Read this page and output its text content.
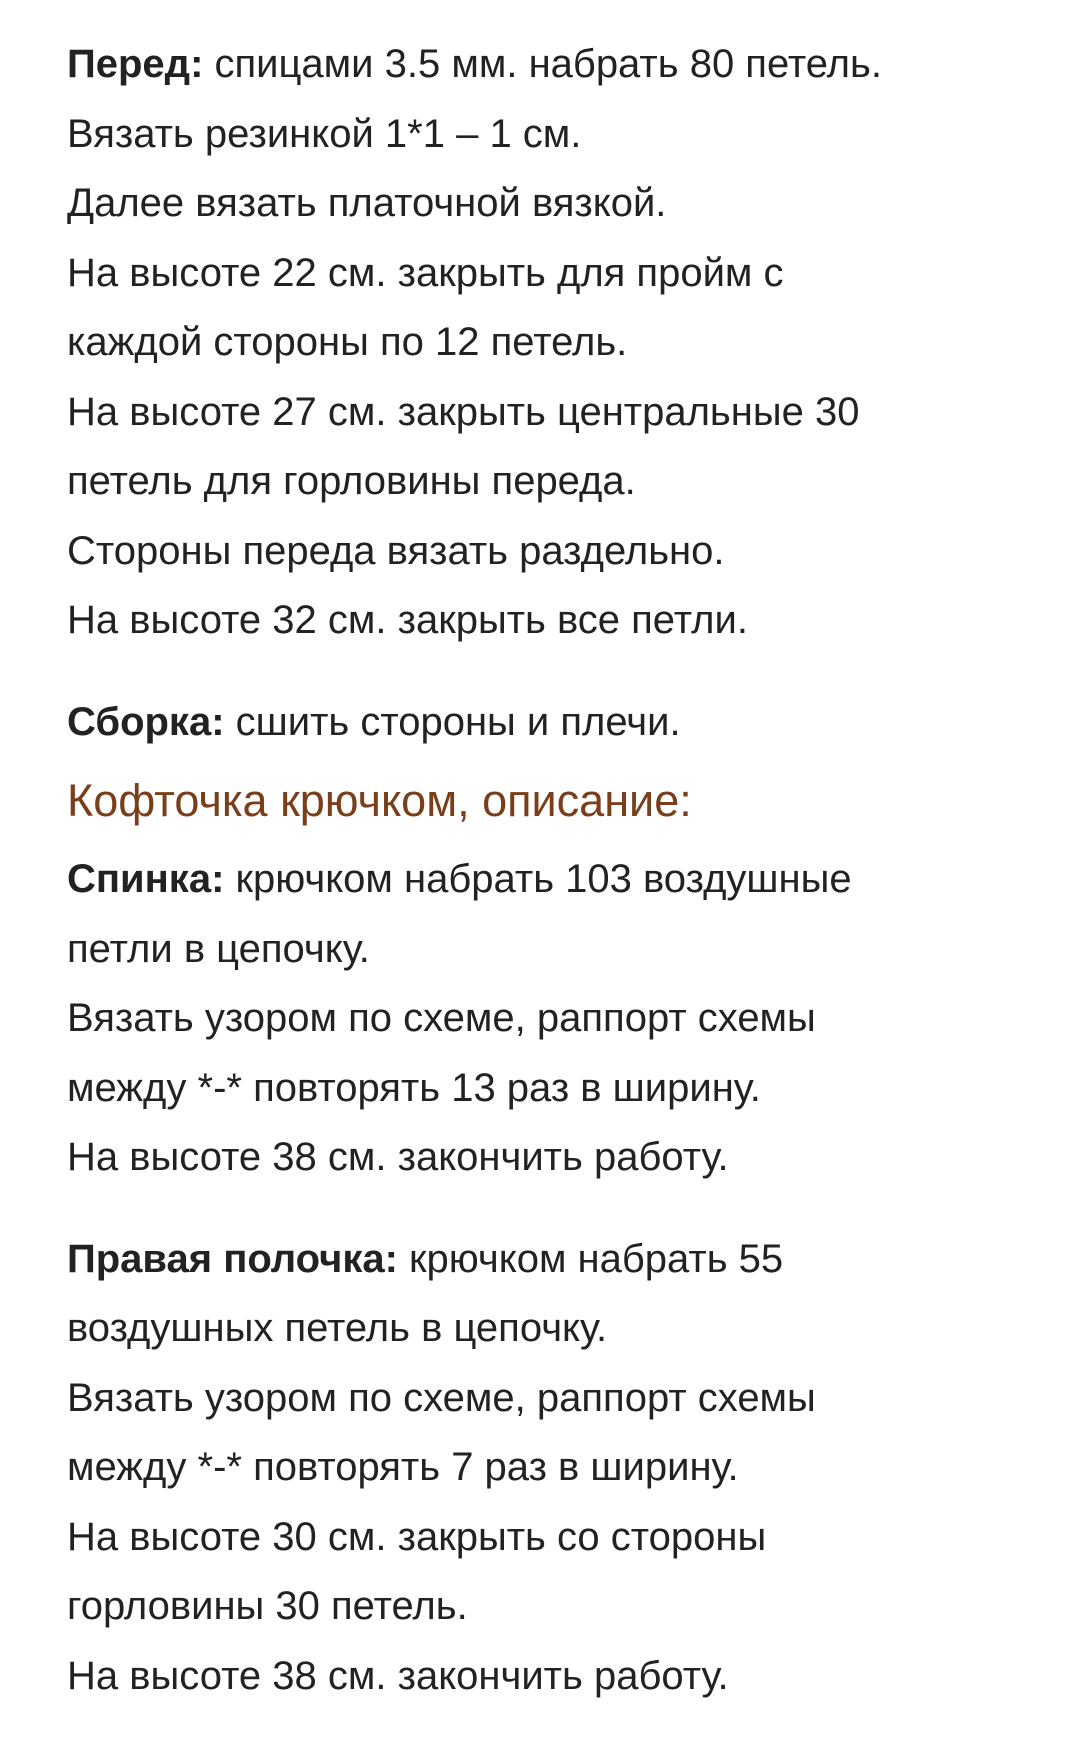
Перед: спицами 3.5 мм. набрать 80 петель.
Вязать резинкой 1*1 – 1 см.
Далее вязать платочной вязкой.
На высоте 22 см. закрыть для пройм с
каждой стороны по 12 петель.
На высоте 27 см. закрыть центральные 30
петель для горловины переда.
Стороны переда вязать раздельно.
На высоте 32 см. закрыть все петли.
Сборка: сшить стороны и плечи.
Кофточка крючком, описание:
Спинка: крючком набрать 103 воздушные
петли в цепочку.
Вязать узором по схеме, раппорт схемы
между *-* повторять 13 раз в ширину.
На высоте 38 см. закончить работу.
Правая полочка: крючком набрать 55
воздушных петель в цепочку.
Вязать узором по схеме, раппорт схемы
между *-* повторять 7 раз в ширину.
На высоте 30 см. закрыть со стороны
горловины 30 петель.
На высоте 38 см. закончить работу.
